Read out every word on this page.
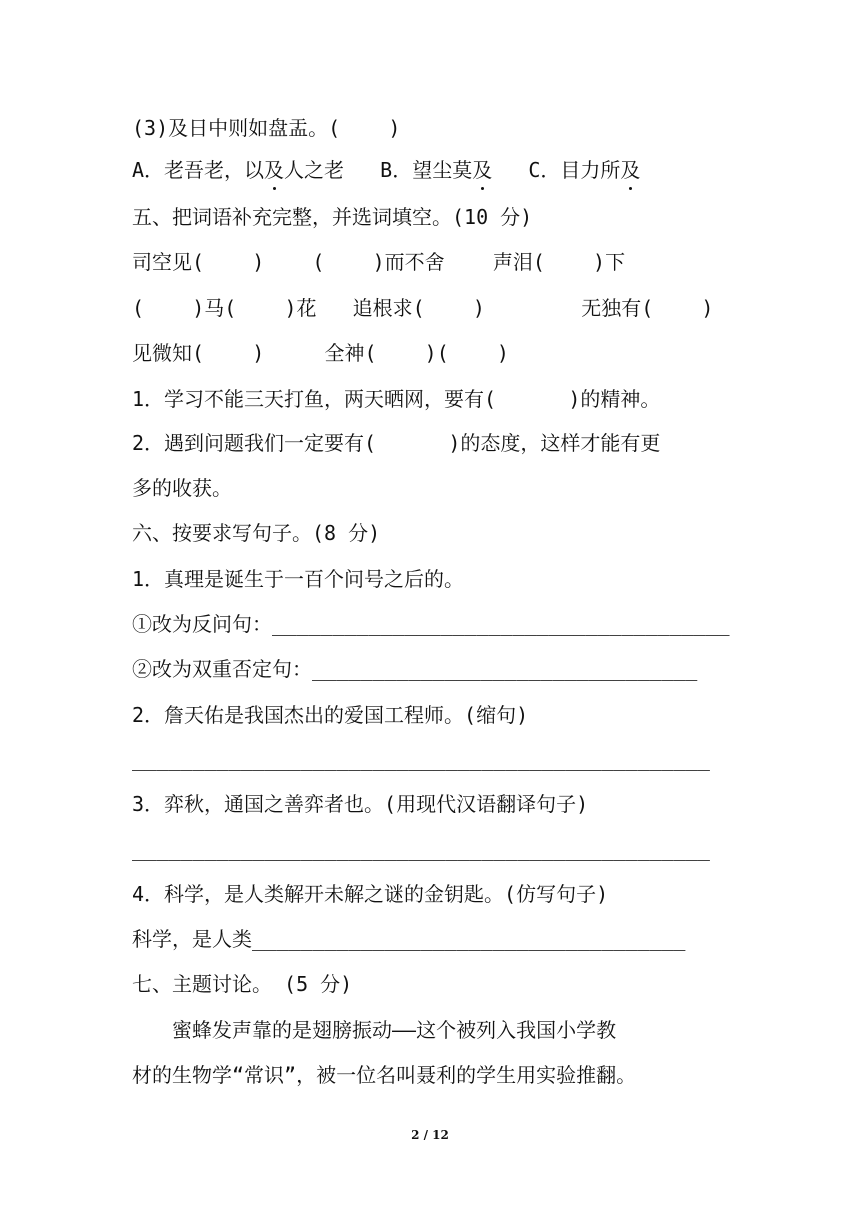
(3)及日中则如盘盂。(    )
A．老吾老，以及人之老   B．望尘莫及   C．目力所及
五、把词语补充完整，并选词填空。(10 分)
司空见(    )    (    )而不舍    声泪(    )下
(    )马(    )花   追根求(    )        无独有(    )
见微知(    )     全神(    )(    )
1．学习不能三天打鱼，两天晒网，要有(      )的精神。
2．遇到问题我们一定要有(      )的态度，这样才能有更
多的收获。
六、按要求写句子。(8 分)
1．真理是诞生于一百个问号之后的。
①改为反问句：______________________________________
②改为双重否定句：________________________________
2．詹天佑是我国杰出的爱国工程师。(缩句)
________________________________________________
3．弈秋，通国之善弈者也。(用现代汉语翻译句子)
________________________________________________
4．科学，是人类解开未解之谜的金钥匙。(仿写句子)
科学，是人类____________________________________
七、主题讨论。 (5 分)
蜜蜂发声靠的是翅膀振动——这个被列入我国小学教
材的生物学“常识”，被一位名叫聂利的学生用实验推翻。
2 / 12
